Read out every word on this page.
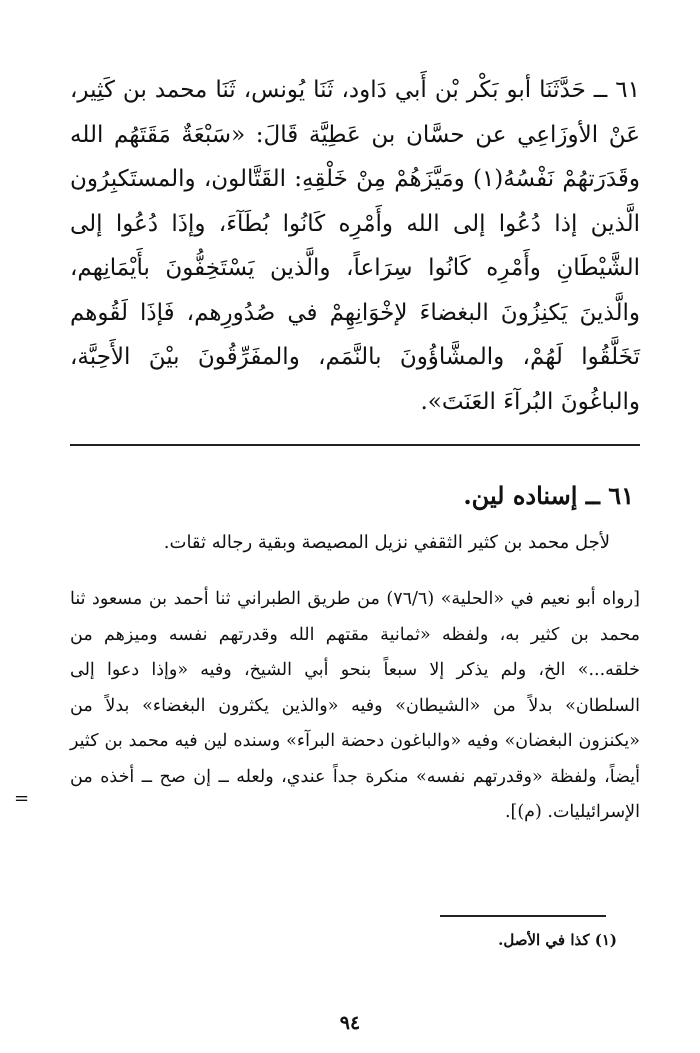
٦١ ــ حَدَّثَنَا أبو بَكْر بْن أَبي دَاود، ثَنَا يُونس، ثَنَا محمد بن كَثِير، عَنْ الأوزَاعِي عن حسَّان بن عَطِيَّة قَالَ: «سَبْعَةٌ مَقَتَهُم الله وقَدَرَتهُمْ نَفْسُهُ(١) ومَيَّزَهُمْ مِنْ خَلْقِهِ: القَتَّالون، والمستَكبِرُون الَّذين إذا دُعُوا إلى الله وأَمْرِه كَانُوا بُطَآءَ، وإذَا دُعُوا إلى الشَّيْطَانِ وأَمْرِه كَانُوا سِرَاعاً، والَّذين يَسْتَخِفُّونَ بأَيْمَانِهم، والَّذينَ يَكنِزُونَ البغضاءَ لإخْوَانِهِمْ في صُدُورِهم، فَإذَا لَقُوهم تَخَلَّقُوا لَهُمْ، والمشَّاؤُونَ بالنَّمَم، والمفَرِّقُونَ بيْنَ الأَحِبَّة، والباغُونَ البُرآءَ العَنَتَ».

٦١ ــ إسناده لين.
لأجل محمد بن كثير الثقفي نزيل المصيصة وبقية رجاله ثقات.

[رواه أبو نعيم في «الحلية» (٧٦/٦) من طريق الطبراني ثنا أحمد بن مسعود ثنا محمد بن كثير به، ولفظه «ثمانية مقتهم الله وقدرتهم نفسه وميزهم من خلقه...» الخ، ولم يذكر إلا سبعاً بنحو أبي الشيخ، وفيه «وإذا دعوا إلى السلطان» بدلاً من «الشيطان» وفيه «والذين يكثرون البغضاء» بدلاً من «يكنزون البغضان» وفيه «والباغون دحضة البرآء» وسنده لين فيه محمد بن كثير أيضاً، ولفظة «وقدرتهم نفسه» منكرة جداً عندي، ولعله ــ إن صح ــ أخذه من الإسرائيليات. (م)].

=
(١) كذا في الأصل.
٩٤
